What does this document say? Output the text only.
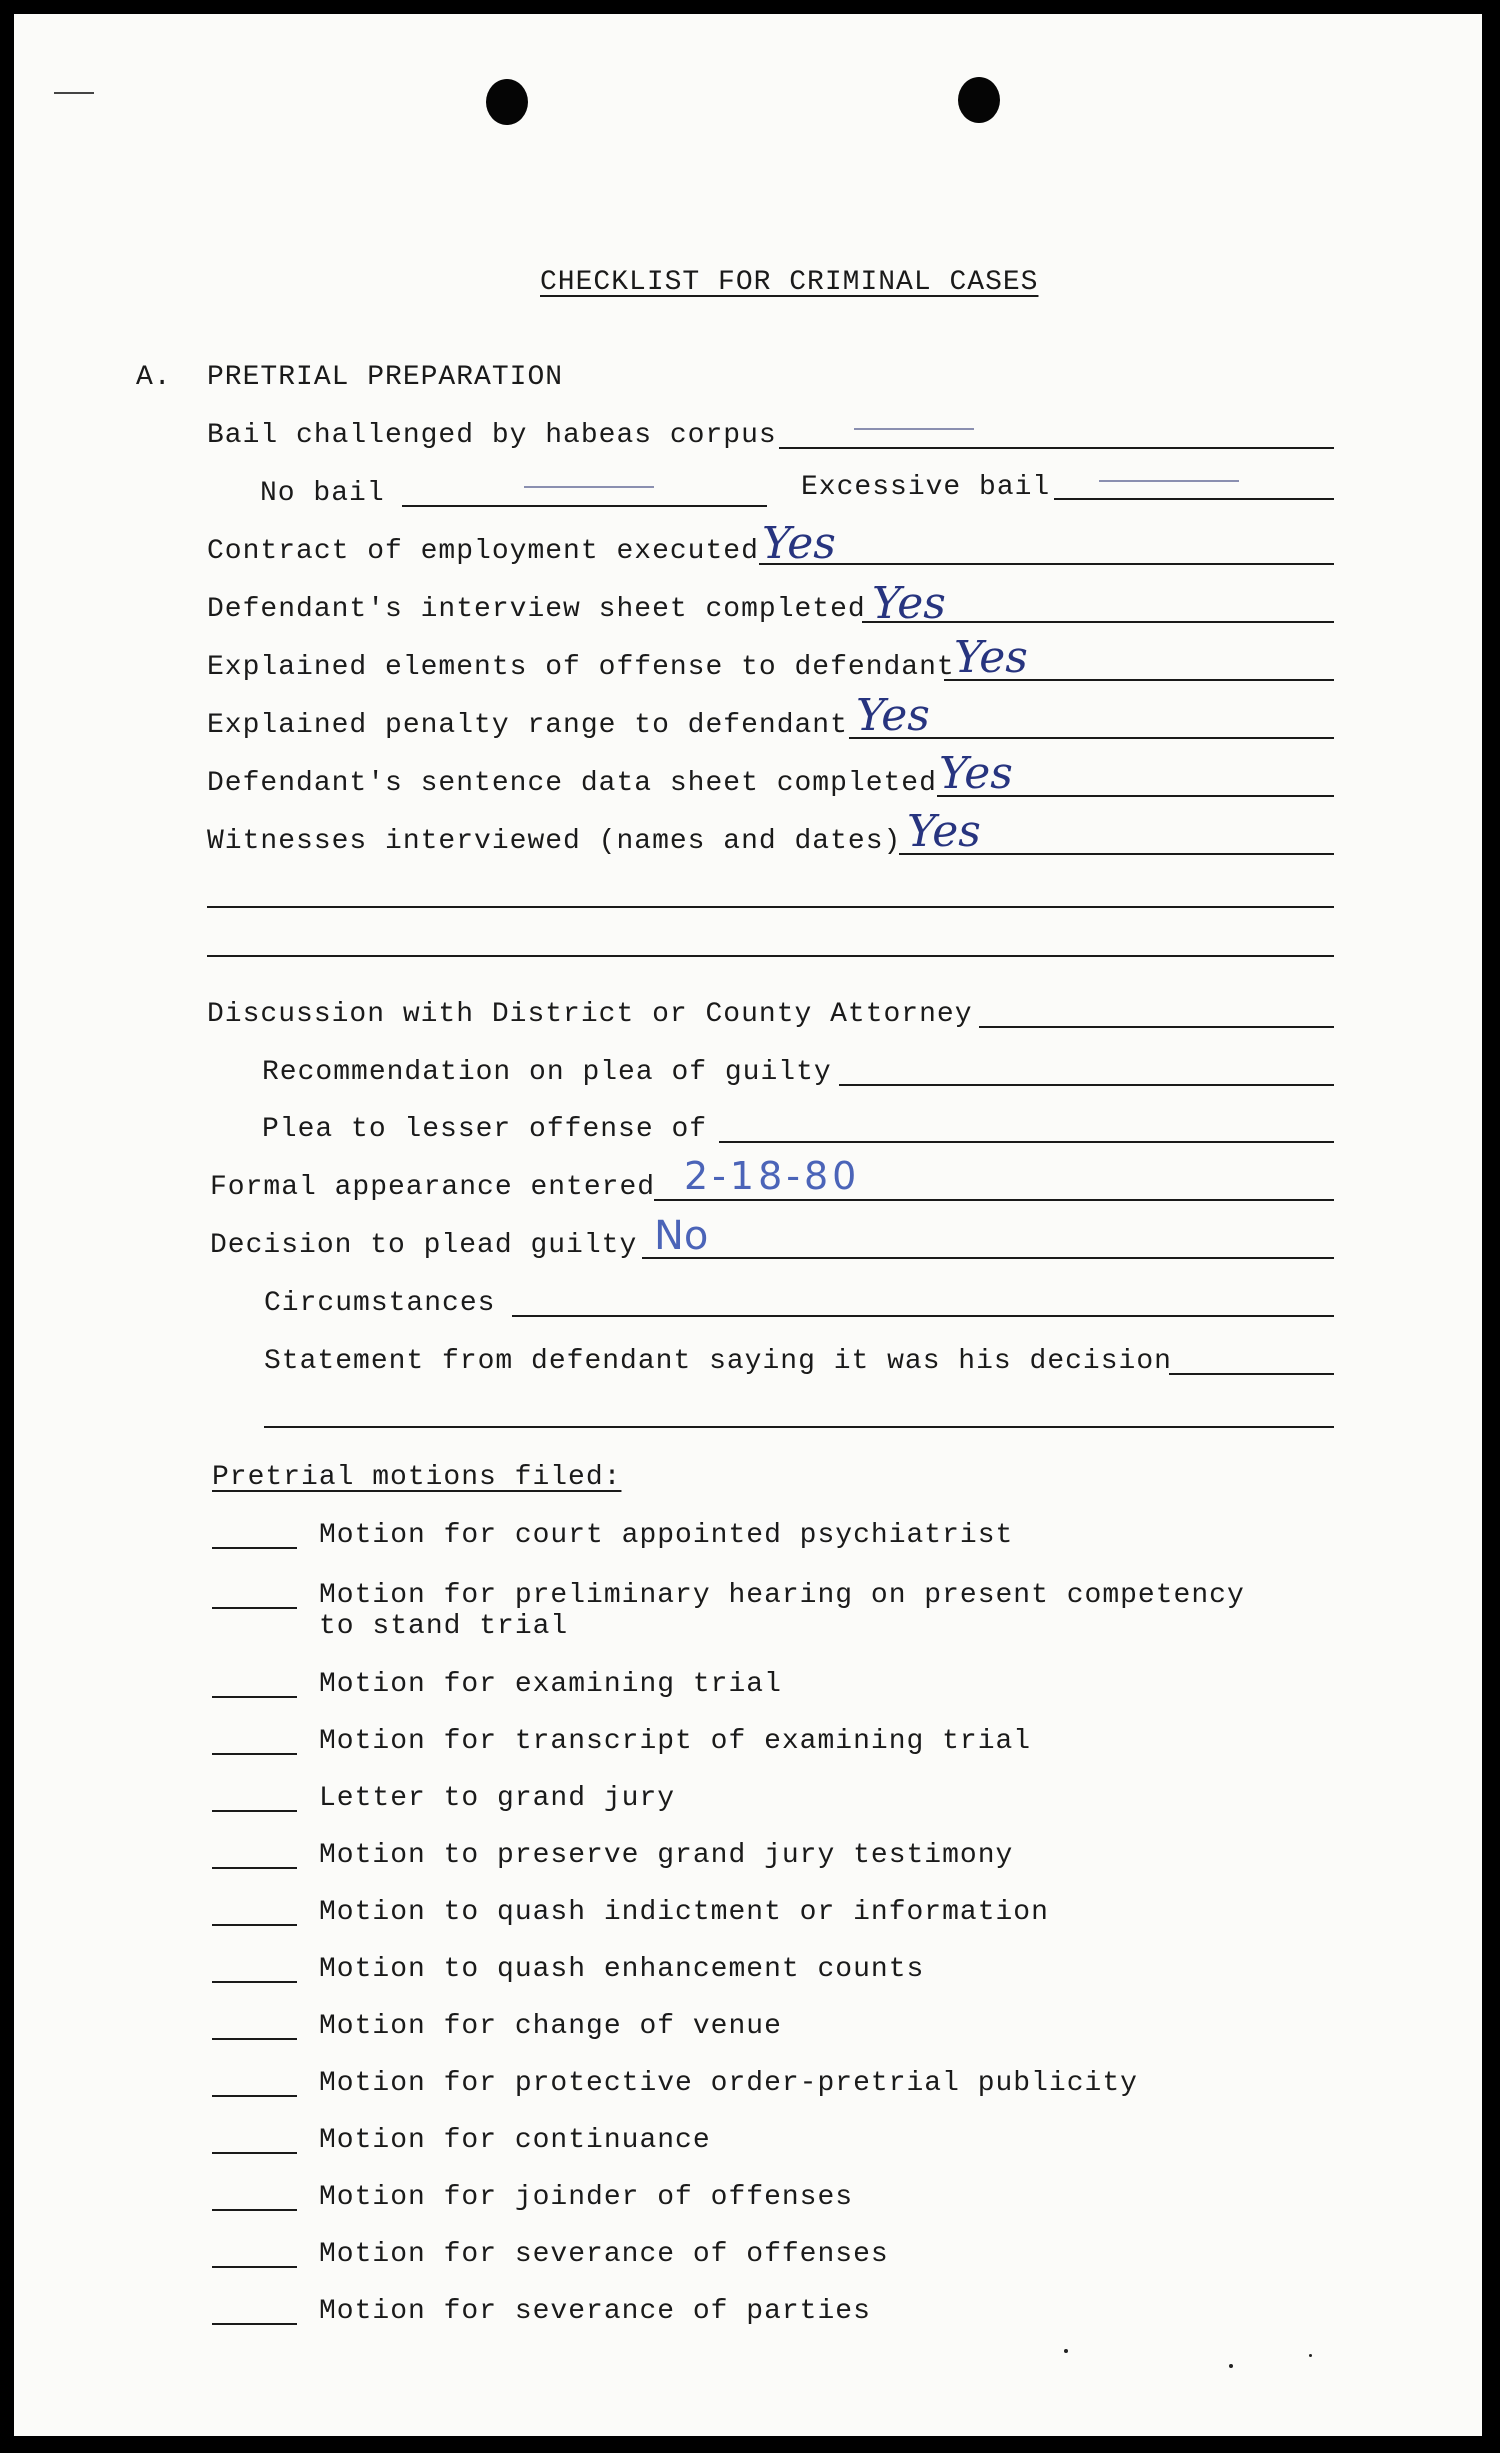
CHECKLIST FOR CRIMINAL CASES
A. PRETRIAL PREPARATION
Bail challenged by habeas corpus
No bail	Excessive bail
Contract of employment executed Yes
Defendant's interview sheet completed Yes
Explained elements of offense to defendant Yes
Explained penalty range to defendant Yes
Defendant's sentence data sheet completed Yes
Witnesses interviewed (names and dates) Yes
Discussion with District or County Attorney
Recommendation on plea of guilty
Plea to lesser offense of
Formal appearance entered 2-18-80
Decision to plead guilty No
Circumstances
Statement from defendant saying it was his decision
Pretrial motions filed:
Motion for court appointed psychiatrist
Motion for preliminary hearing on present competency
to stand trial
Motion for examining trial
Motion for transcript of examining trial
Letter to grand jury
Motion to preserve grand jury testimony
Motion to quash indictment or information
Motion to quash enhancement counts
Motion for change of venue
Motion for protective order-pretrial publicity
Motion for continuance
Motion for joinder of offenses
Motion for severance of offenses
Motion for severance of parties
